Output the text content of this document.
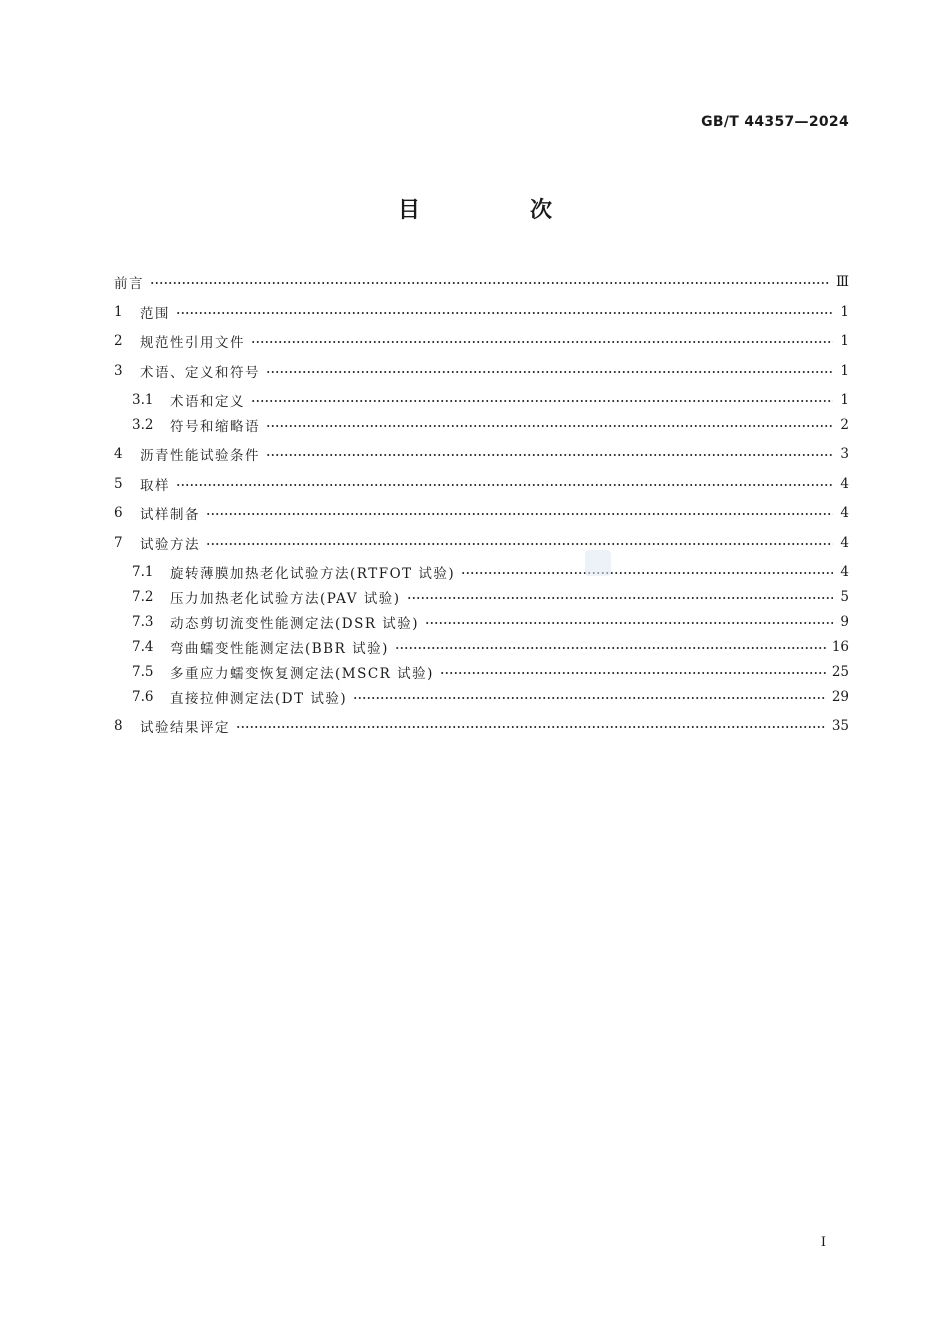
GB/T 44357—2024
目　次
前言	Ⅲ
1	范围	1
2	规范性引用文件	1
3	术语、定义和符号	1
3.1	术语和定义	1
3.2	符号和缩略语	2
4	沥青性能试验条件	3
5	取样	4
6	试样制备	4
7	试验方法	4
7.1	旋转薄膜加热老化试验方法(RTFOT 试验)	4
7.2	压力加热老化试验方法(PAV 试验)	5
7.3	动态剪切流变性能测定法(DSR 试验)	9
7.4	弯曲蠕变性能测定法(BBR 试验)	16
7.5	多重应力蠕变恢复测定法(MSCR 试验)	25
7.6	直接拉伸测定法(DT 试验)	29
8	试验结果评定	35
I
